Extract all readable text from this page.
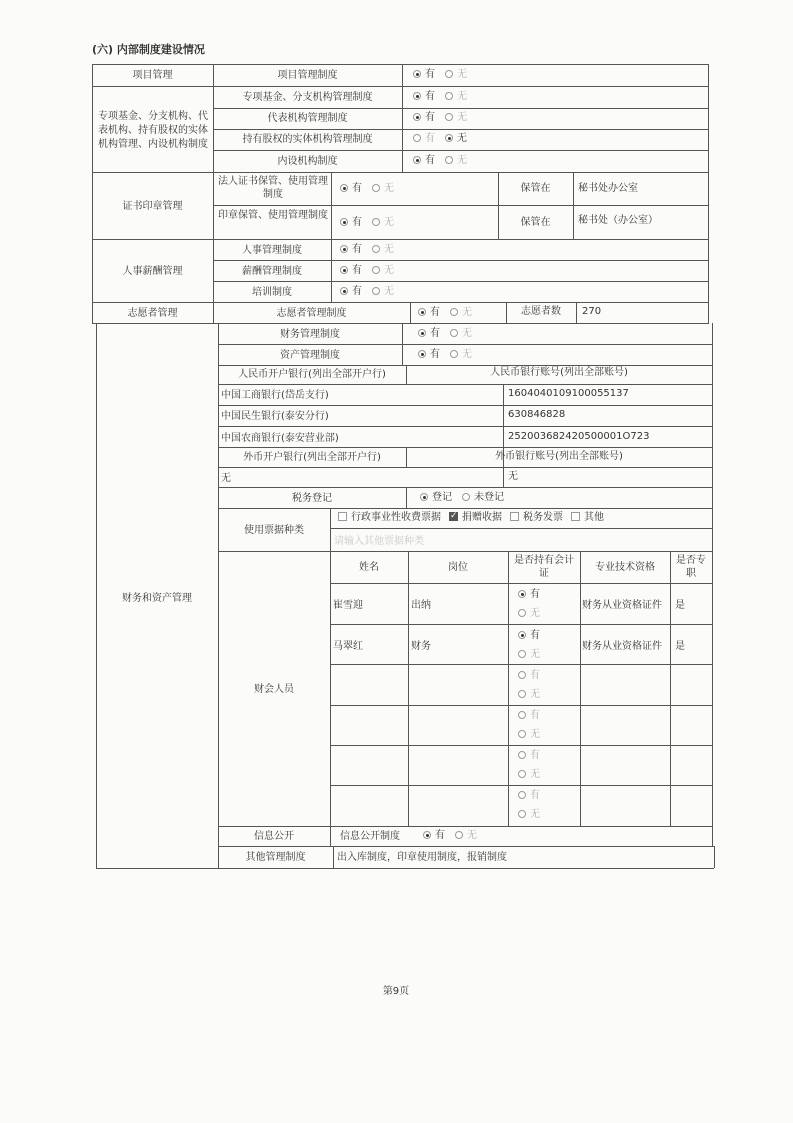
(六) 内部制度建设情况
项目管理	项目管理制度	有 无
专项基金、分支机构、代表机构、持有股权的实体机构管理、内设机构制度
专项基金、分支机构管理制度	有 无
代表机构管理制度	有 无
持有股权的实体机构管理制度	有 无
内设机构制度	有 无
证书印章管理
法人证书保管、使用管理制度
有 无	保管在	秘书处办公室
印章保管、使用管理制度
有 无	保管在	秘书处（办公室）
人事薪酬管理
人事管理制度	有 无
薪酬管理制度	有 无
培训制度	有 无
志愿者管理	志愿者管理制度	有 无	志愿者数	270
财务和资产管理
财务管理制度	有 无
资产管理制度	有 无
人民币开户银行(列出全部开户行)	人民币银行账号(列出全部账号)
中国工商银行(岱岳支行)	1604040109100055137
中国民生银行(泰安分行)	630846828
中国农商银行(泰安营业部)	252003682420500001O723
外币开户银行(列出全部开户行)	外币银行账号(列出全部账号)
无	无
税务登记	登记 未登记
使用票据种类
行政事业性收费票据✓ 捐赠收据 税务发票 其他
请输入其他票据种类
财会人员
姓名	岗位
是否持有会计证
专业技术资格
是否专职
崔雪迎	出纳
有
无
财务从业资格证件 是
马翠红	财务
有
无
财务从业资格证件 是
有
无
有
无
有
无
有
无
信息公开	信息公开制度	有 无
其他管理制度	出入库制度，印章使用制度，报销制度
第9页
